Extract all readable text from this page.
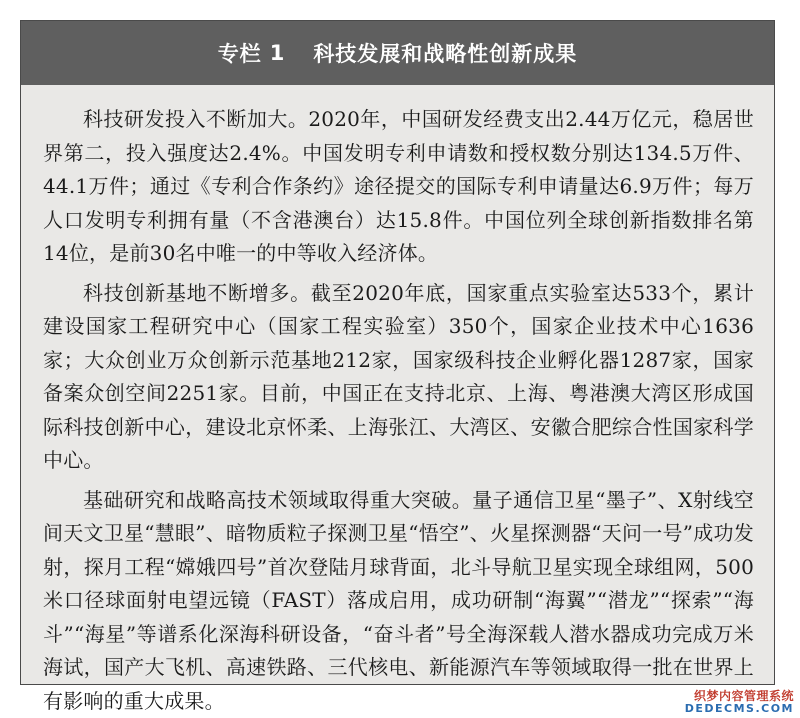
专栏 1 科技发展和战略性创新成果

科技研发投入不断加大。2020年，中国研发经费支出2.44万亿元，稳居世界第二，投入强度达2.4%。中国发明专利申请数和授权数分别达134.5万件、44.1万件；通过《专利合作条约》途径提交的国际专利申请量达6.9万件；每万人口发明专利拥有量（不含港澳台）达15.8件。中国位列全球创新指数排名第14位，是前30名中唯一的中等收入经济体。

科技创新基地不断增多。截至2020年底，国家重点实验室达533个，累计建设国家工程研究中心（国家工程实验室）350个，国家企业技术中心1636家；大众创业万众创新示范基地212家，国家级科技企业孵化器1287家，国家备案众创空间2251家。目前，中国正在支持北京、上海、粤港澳大湾区形成国际科技创新中心，建设北京怀柔、上海张江、大湾区、安徽合肥综合性国家科学中心。

基础研究和战略高技术领域取得重大突破。量子通信卫星“墨子”、X射线空间天文卫星“慧眼”、暗物质粒子探测卫星“悟空”、火星探测器“天问一号”成功发射，探月工程“嫦娥四号”首次登陆月球背面，北斗导航卫星实现全球组网，500米口径球面射电望远镜（FAST）落成启用，成功研制“海翼”“潜龙”“探索”“海斗”“海星”等谱系化深海科研设备，“奋斗者”号全海深载人潜水器成功完成万米海试，国产大飞机、高速铁路、三代核电、新能源汽车等领域取得一批在世界上有影响的重大成果。	织梦内容管理系统
DEDECMS.COM
